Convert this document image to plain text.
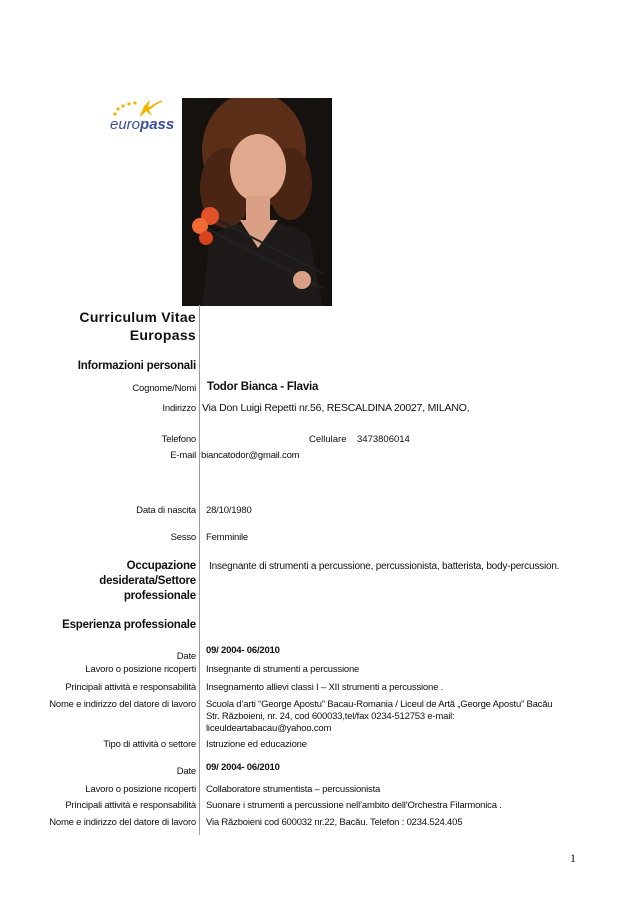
europass
Curriculum Vitae
Europass
Informazioni personali
Cognome/Nomi Todor Bianca - Flavia
Indirizzo Via Don Luigi Repetti nr.56, RESCALDINA 20027, MILANO,
Telefono	Cellulare 3473806014
E-mail biancatodor@gmail.com
Data di nascita 28/10/1980
Sesso Femminile
Occupazione
desiderata/Settore
professionale
Insegnante di strumenti a percussione, percussionista, batterista, body-percussion.
Esperienza professionale
Date
09/ 2004- 06/2010
Lavoro o posizione ricoperti Insegnante di strumenti a percussione
Principali attività e responsabilità Insegnamento allievi classi I – XII strumenti a percussione .
Nome e indirizzo del datore di lavoro Scuola d’arti “George Apostu” Bacau-Romania / Liceul de Artă „George Apostu” Bacău
Str. Războieni, nr. 24, cod 600033,tel/fax 0234-512753 e-mail:
liceuldeartabacau@yahoo.com
Tipo di attività o settore Istruzione ed educazione
Date 09/ 2004- 06/2010
Lavoro o posizione ricoperti Collaboratore strumentista – percussionista
Principali attività e responsabilità Suonare i strumenti a percussione nell’ambito dell’Orchestra Filarmonica .
Nome e indirizzo del datore di lavoro Via Războieni cod 600032 nr.22, Bacău. Telefon : 0234.524.405
1
